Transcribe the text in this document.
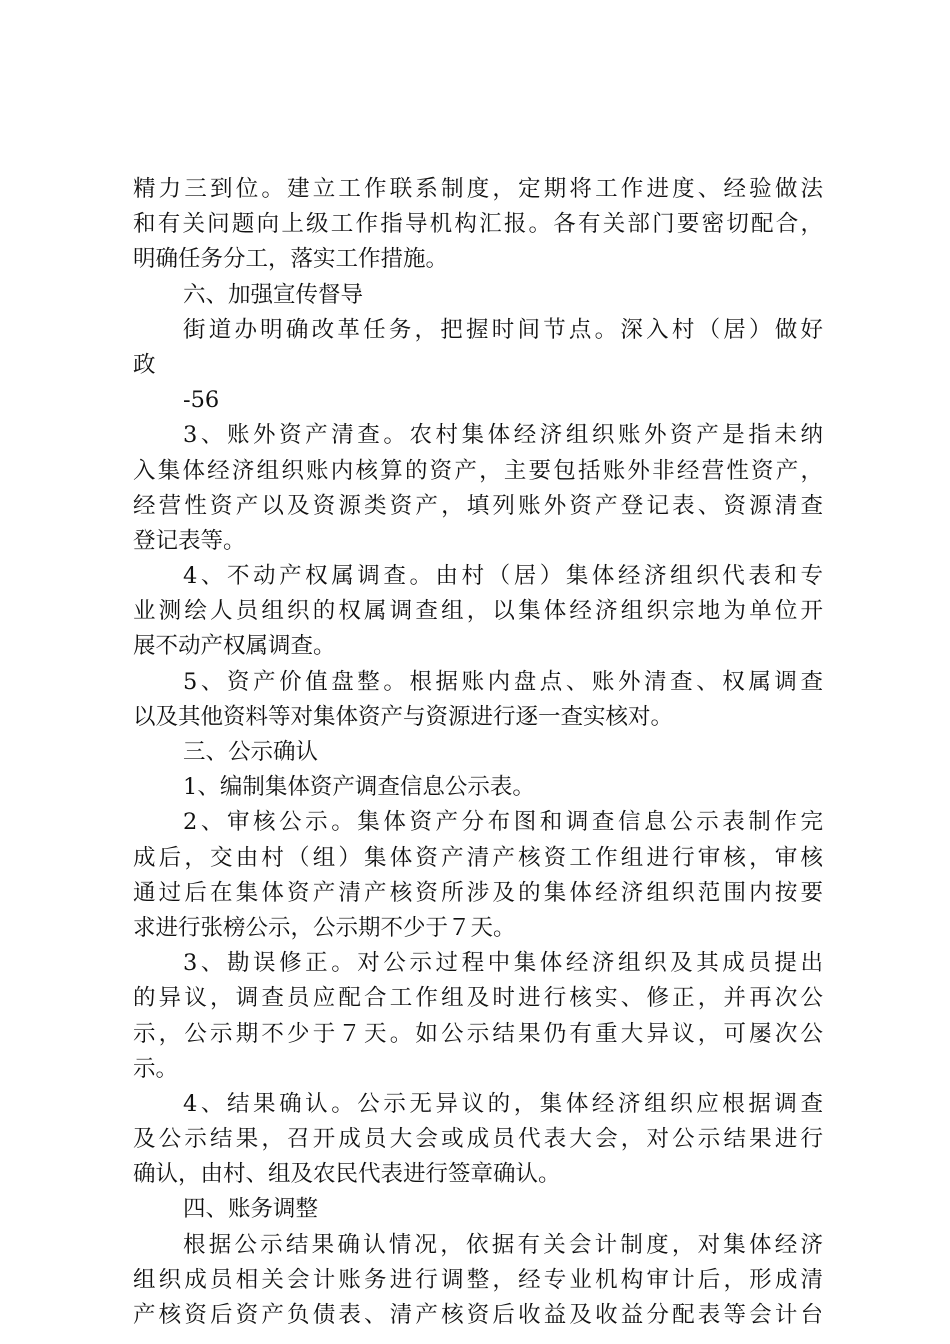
精力三到位。建立工作联系制度，定期将工作进度、经验做法
和有关问题向上级工作指导机构汇报。各有关部门要密切配合，
明确任务分工，落实工作措施。
六、加强宣传督导
街道办明确改革任务，把握时间节点。深入村（居）做好
政
-56
3、账外资产清查。农村集体经济组织账外资产是指未纳
入集体经济组织账内核算的资产，主要包括账外非经营性资产，
经营性资产以及资源类资产，填列账外资产登记表、资源清查
登记表等。
4、不动产权属调查。由村（居）集体经济组织代表和专
业测绘人员组织的权属调查组，以集体经济组织宗地为单位开
展不动产权属调查。
5、资产价值盘整。根据账内盘点、账外清查、权属调查
以及其他资料等对集体资产与资源进行逐一查实核对。
三、公示确认
1、编制集体资产调查信息公示表。
2、审核公示。集体资产分布图和调查信息公示表制作完
成后，交由村（组）集体资产清产核资工作组进行审核，审核
通过后在集体资产清产核资所涉及的集体经济组织范围内按要
求进行张榜公示，公示期不少于７天。
3、勘误修正。对公示过程中集体经济组织及其成员提出
的异议，调查员应配合工作组及时进行核实、修正，并再次公
示，公示期不少于７天。如公示结果仍有重大异议，可屡次公
示。
4、结果确认。公示无异议的，集体经济组织应根据调查
及公示结果，召开成员大会或成员代表大会，对公示结果进行
确认，由村、组及农民代表进行签章确认。
四、账务调整
根据公示结果确认情况，依据有关会计制度，对集体经济
组织成员相关会计账务进行调整，经专业机构审计后，形成清
产核资后资产负债表、清产核资后收益及收益分配表等会计台
